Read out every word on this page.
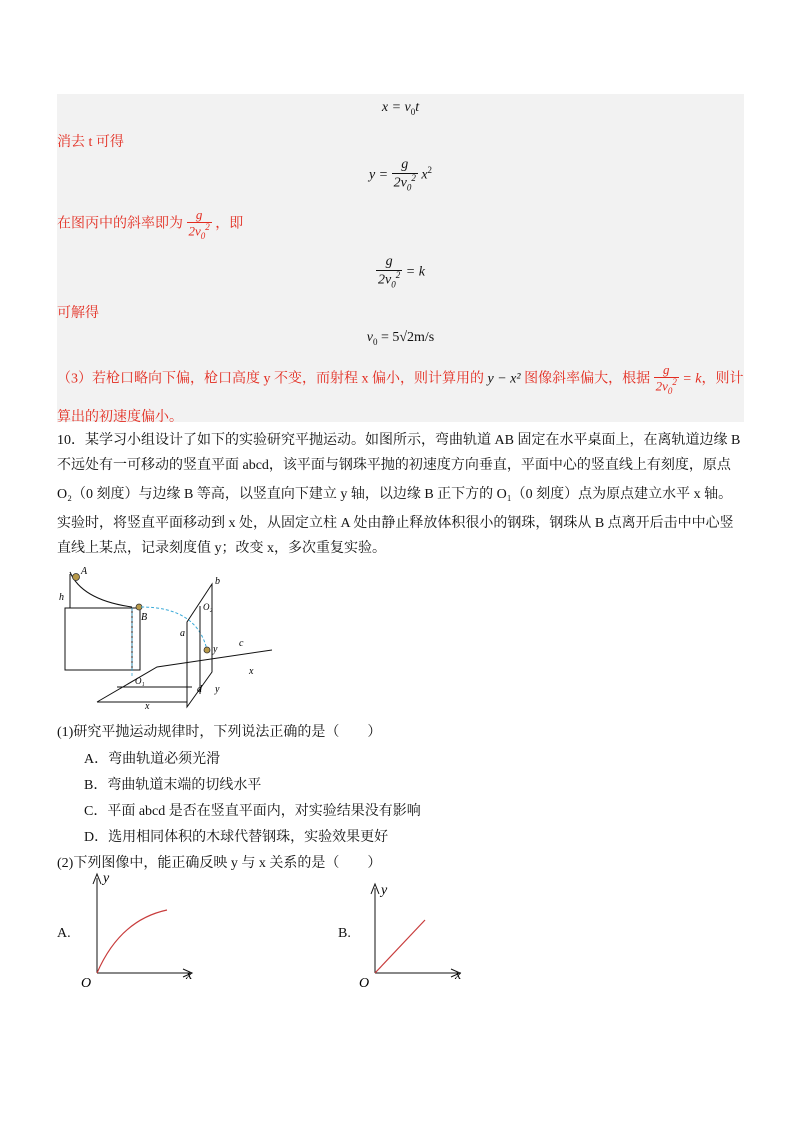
$x = v_0t$
消去 t 可得
$y = \frac{g}{2v_0^2} x^2$
在图丙中的斜率即为 $\frac{g}{2v_0^2}$ ，即
$\frac{g}{2v_0^2} = k$
可解得
$v_0 = 5√2m/s$
（3）若枪口略向下偏，枪口高度 y 不变，而射程 x 偏小，则计算用的 y − x² 图像斜率偏大，根据 $\frac{g}{2v_0^2} = k$，则计
算出的初速度偏小。
10．某学习小组设计了如下的实验研究平抛运动。如图所示，弯曲轨道 AB 固定在水平桌面上，在离轨道边缘 B
不远处有一可移动的竖直平面 abcd，该平面与钢珠平抛的初速度方向垂直，平面中心的竖直线上有刻度，原点
O₂（0 刻度）与边缘 B 等高，以竖直向下建立 y 轴，以边缘 B 正下方的 O₁（0 刻度）点为原点建立水平 x 轴。
实验时，将竖直平面移动到 x 处，从固定立柱 A 处由静止释放体积很小的钢珠，钢珠从 B 点离开后击中中心竖
直线上某点，记录刻度值 y；改变 x，多次重复实验。
A
h
B
b
O₂
a
y
c
x
O₁
d y
x
(1)研究平抛运动规律时，下列说法正确的是（　　）
A．弯曲轨道必须光滑
B．弯曲轨道末端的切线水平
C．平面 abcd 是否在竖直平面内，对实验结果没有影响
D．选用相同体积的木球代替钢珠，实验效果更好
(2)下列图像中，能正确反映 y 与 x 关系的是（　　）
A.
y
x
O
B.
y
x
O
